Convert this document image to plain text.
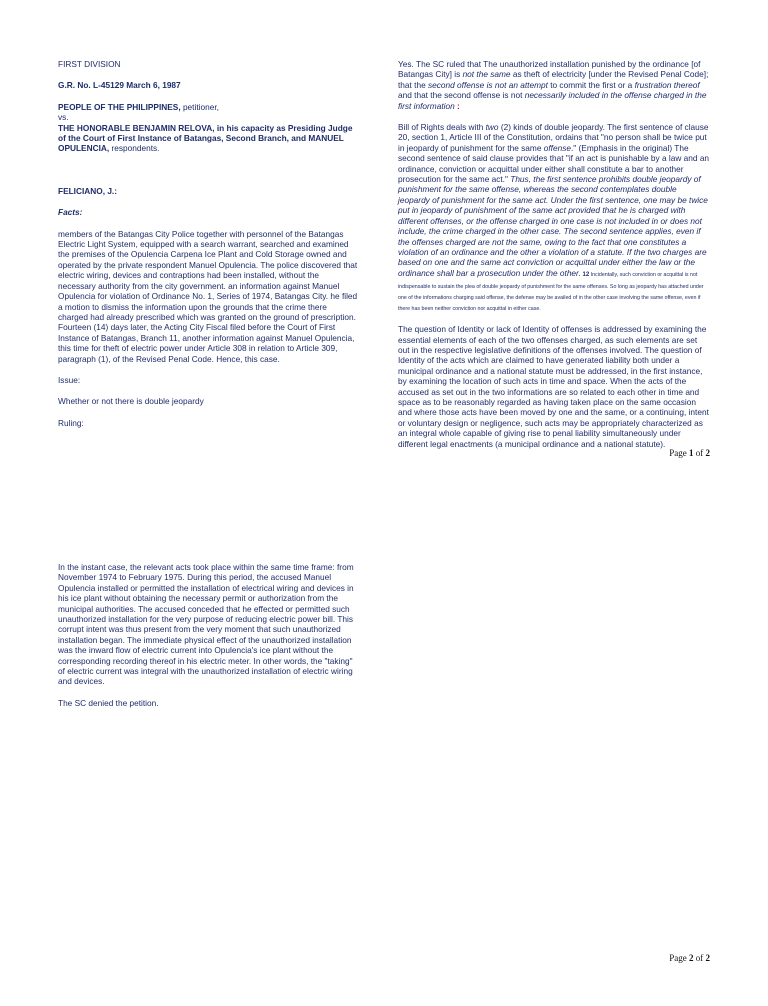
FIRST DIVISION

G.R. No. L-45129 March 6, 1987

PEOPLE OF THE PHILIPPINES, petitioner,

vs.

THE HONORABLE BENJAMIN RELOVA, in his capacity as Presiding Judge of the Court of First Instance of Batangas, Second Branch, and MANUEL OPULENCIA, respondents.

FELICIANO, J.:

Facts:

members of the Batangas City Police together with personnel of the Batangas Electric Light System, equipped with a search warrant, searched and examined the premises of the Opulencia Carpena Ice Plant and Cold Storage owned and operated by the private respondent Manuel Opulencia. The police discovered that electric wiring, devices and contraptions had been installed, without the necessary authority from the city government. an information against Manuel Opulencia for violation of Ordinance No. 1, Series of 1974, Batangas City. he filed a motion to dismiss the information upon the grounds that the crime there charged had already prescribed which was granted on the ground of prescription. Fourteen (14) days later, the Acting City Fiscal filed before the Court of First Instance of Batangas, Branch 11, another information against Manuel Opulencia, this time for theft of electric power under Article 308 in relation to Article 309, paragraph (1), of the Revised Penal Code. Hence, this case.

Issue:

Whether or not there is double jeopardy

Ruling:

Yes. The SC ruled that The unauthorized installation punished by the ordinance [of Batangas City] is not the same as theft of electricity [under the Revised Penal Code]; that the second offense is not an attempt to commit the first or a frustration thereof and that the second offense is not necessarily included in the offense charged in the first information :

Bill of Rights deals with two (2) kinds of double jeopardy. The first sentence of clause 20, section 1, Article III of the Constitution, ordains that "no person shall be twice put in jeopardy of punishment for the same offense." (Emphasis in the original) The second sentence of said clause provides that "if an act is punishable by a law and an ordinance, conviction or acquittal under either shall constitute a bar to another prosecution for the same act." Thus, the first sentence prohibits double jeopardy of punishment for the same offense, whereas the second contemplates double jeopardy of punishment for the same act. Under the first sentence, one may be twice put in jeopardy of punishment of the same act provided that he is charged with different offenses, or the offense charged in one case is not included in or does not include, the crime charged in the other case. The second sentence applies, even if the offenses charged are not the same, owing to the fact that one constitutes a violation of an ordinance and the other a violation of a statute. If the two charges are based on one and the same act conviction or acquittal under either the law or the ordinance shall bar a prosecution under the other. 12 Incidentally, such conviction or acquittal is not indispensable to sustain the plea of double jeopardy of punishment for the same offenses. So long as jeopardy has attached under one of the informations charging said offense, the defense may be availed of in the other case involving the same offense, even if there has been neither conviction nor acquittal in either case.

The question of Identity or lack of Identity of offenses is addressed by examining the essential elements of each of the two offenses charged, as such elements are set out in the respective legislative definitions of the offenses involved. The question of Identity of the acts which are claimed to have generated liability both under a municipal ordinance and a national statute must be addressed, in the first instance, by examining the location of such acts in time and space. When the acts of the accused as set out in the two informations are so related to each other in time and space as to be reasonably regarded as having taken place on the same occasion and where those acts have been moved by one and the same, or a continuing, intent or voluntary design or negligence, such acts may be appropriately characterized as an integral whole capable of giving rise to penal liability simultaneously under different legal enactments (a municipal ordinance and a national statute).

Page 1 of 2

In the instant case, the relevant acts took place within the same time frame: from November 1974 to February 1975. During this period, the accused Manuel Opulencia installed or permitted the installation of electrical wiring and devices in his ice plant without obtaining the necessary permit or authorization from the municipal authorities. The accused conceded that he effected or permitted such unauthorized installation for the very purpose of reducing electric power bill. This corrupt intent was thus present from the very moment that such unauthorized installation began. The immediate physical effect of the unauthorized installation was the inward flow of electric current into Opulencia's ice plant without the corresponding recording thereof in his electric meter. In other words, the "taking" of electric current was integral with the unauthorized installation of electric wiring and devices.

The SC denied the petition.

Page 2 of 2
